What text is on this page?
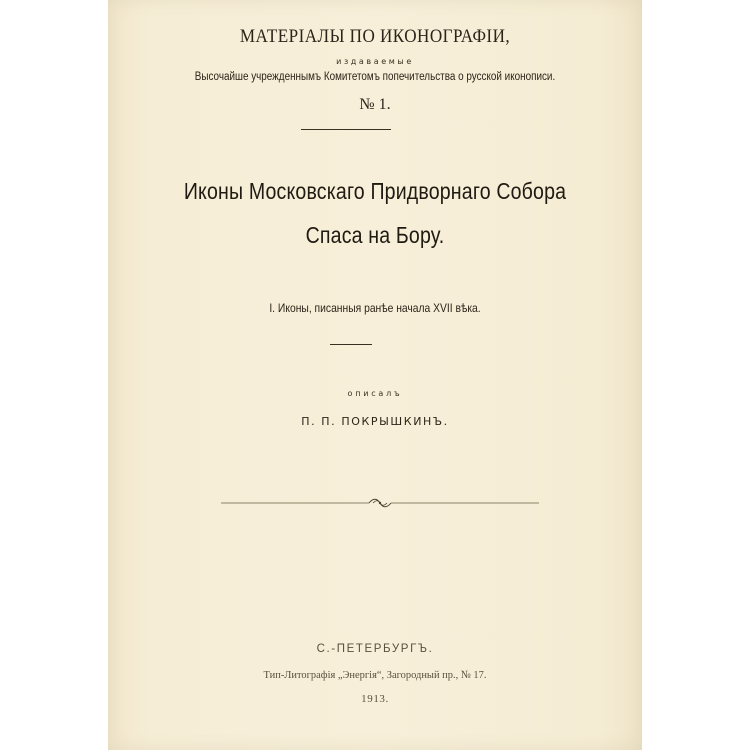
МАТЕРІАЛЫ ПО ИКОНОГРАФІИ,
издаваемые
Высочайше учрежденнымъ Комитетомъ попечительства о русской иконописи.
№ 1.
Иконы Московскаго Придворнаго Собора
Спаса на Бору.
I. Иконы, писанныя ранѣе начала XVII вѣка.
описалъ
П. П. ПОКРЫШКИНЪ.
С.-ПЕТЕРБУРГЪ.
Тип-Литографія „Энергія“, Загородный пр., № 17.
1913.
